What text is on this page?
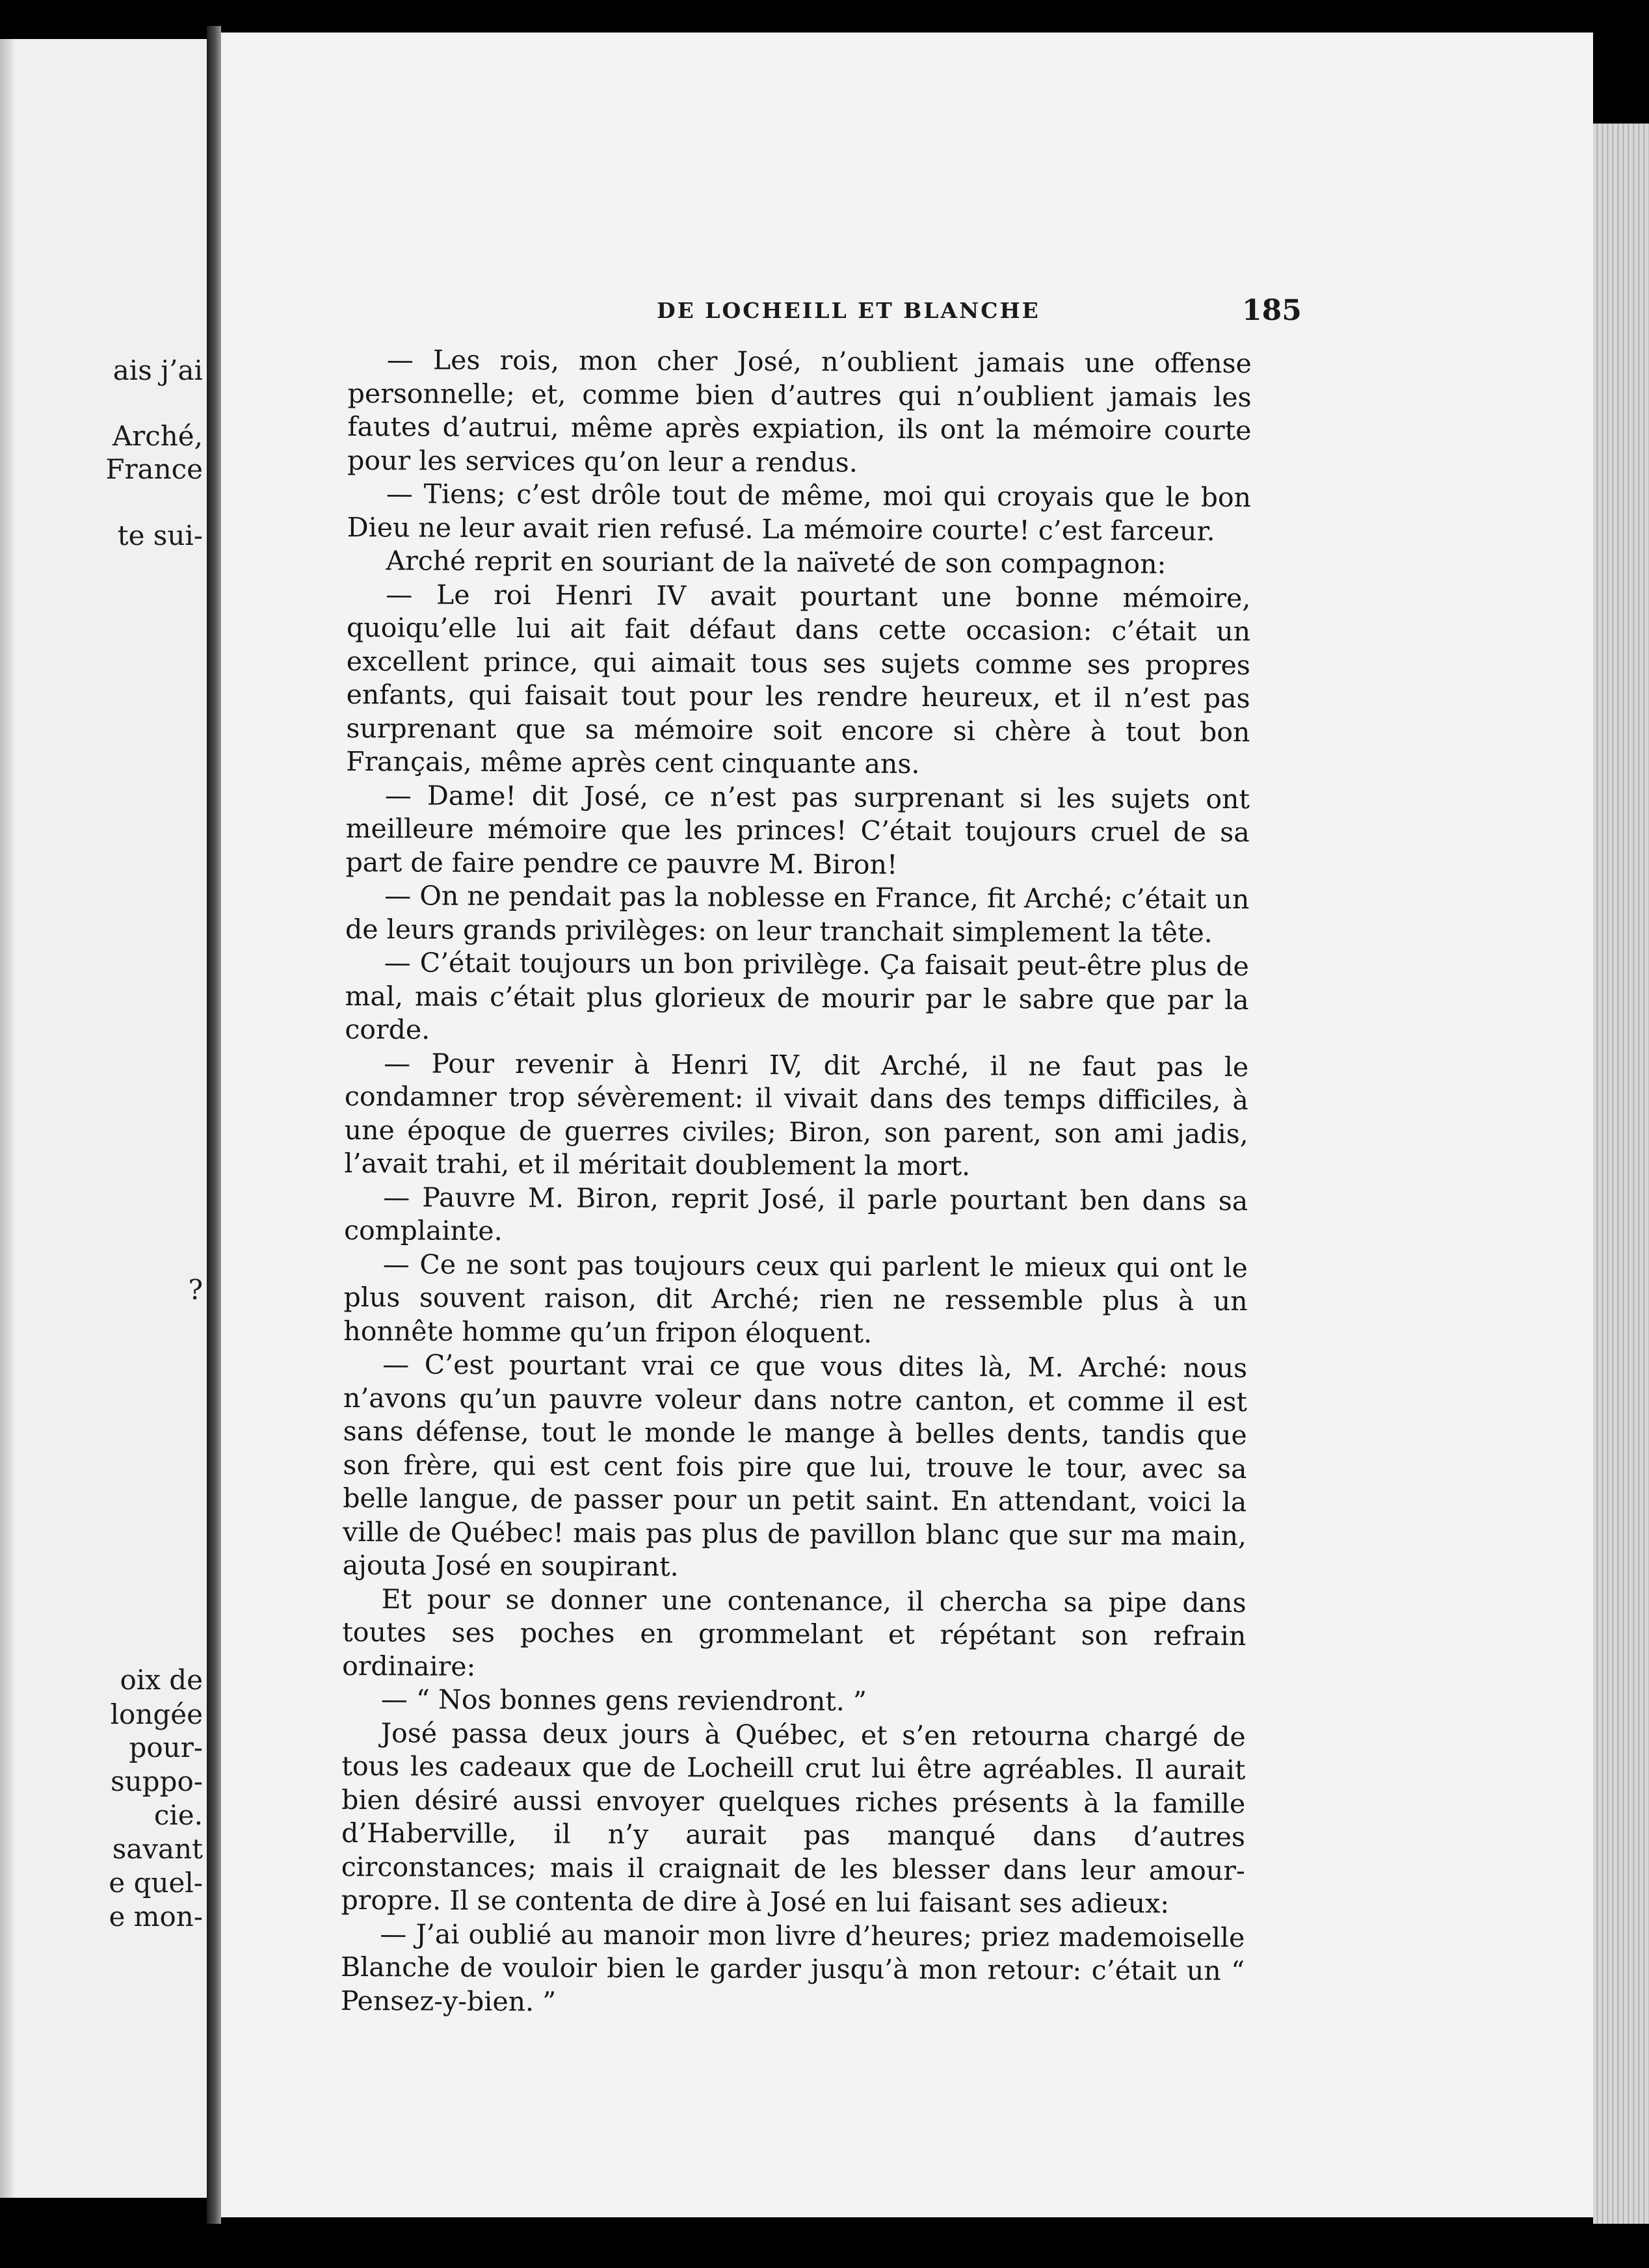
ais j’ai
Arché,
France
te sui-
?
oix de
longée
pour-
suppo-
cie.
savant
e quel-
e mon-
DE LOCHEILL ET BLANCHE	185

— Les rois, mon cher José, n’oublient jamais une offense personnelle; et, comme bien d’autres qui n’oublient jamais les fautes d’autrui, même après expiation, ils ont la mémoire courte pour les services qu’on leur a rendus.

— Tiens; c’est drôle tout de même, moi qui croyais que le bon Dieu ne leur avait rien refusé. La mémoire courte! c’est farceur.

Arché reprit en souriant de la naïveté de son compagnon:

— Le roi Henri IV avait pourtant une bonne mémoire, quoiqu’elle lui ait fait défaut dans cette occasion: c’était un excellent prince, qui aimait tous ses sujets comme ses propres enfants, qui faisait tout pour les rendre heureux, et il n’est pas surprenant que sa mémoire soit encore si chère à tout bon Français, même après cent cinquante ans.

— Dame! dit José, ce n’est pas surprenant si les sujets ont meilleure mémoire que les princes! C’était toujours cruel de sa part de faire pendre ce pauvre M. Biron!

— On ne pendait pas la noblesse en France, fit Arché; c’était un de leurs grands privilèges: on leur tranchait simplement la tête.

— C’était toujours un bon privilège. Ça faisait peut-être plus de mal, mais c’était plus glorieux de mourir par le sabre que par la corde.

— Pour revenir à Henri IV, dit Arché, il ne faut pas le condamner trop sévèrement: il vivait dans des temps difficiles, à une époque de guerres civiles; Biron, son parent, son ami jadis, l’avait trahi, et il méritait doublement la mort.

— Pauvre M. Biron, reprit José, il parle pourtant ben dans sa complainte.

— Ce ne sont pas toujours ceux qui parlent le mieux qui ont le plus souvent raison, dit Arché; rien ne ressemble plus à un honnête homme qu’un fripon éloquent.

— C’est pourtant vrai ce que vous dites là, M. Arché: nous n’avons qu’un pauvre voleur dans notre canton, et comme il est sans défense, tout le monde le mange à belles dents, tandis que son frère, qui est cent fois pire que lui, trouve le tour, avec sa belle langue, de passer pour un petit saint. En attendant, voici la ville de Québec! mais pas plus de pavillon blanc que sur ma main, ajouta José en soupirant.

Et pour se donner une contenance, il chercha sa pipe dans toutes ses poches en grommelant et répétant son refrain ordinaire:

— “ Nos bonnes gens reviendront. ”

José passa deux jours à Québec, et s’en retourna chargé de tous les cadeaux que de Locheill crut lui être agréables. Il aurait bien désiré aussi envoyer quelques riches présents à la famille d’Haberville, il n’y aurait pas manqué dans d’autres circonstances; mais il craignait de les blesser dans leur amour-propre. Il se contenta de dire à José en lui faisant ses adieux:

— J’ai oublié au manoir mon livre d’heures; priez mademoiselle Blanche de vouloir bien le garder jusqu’à mon retour: c’était un “ Pensez-y-bien. ”
